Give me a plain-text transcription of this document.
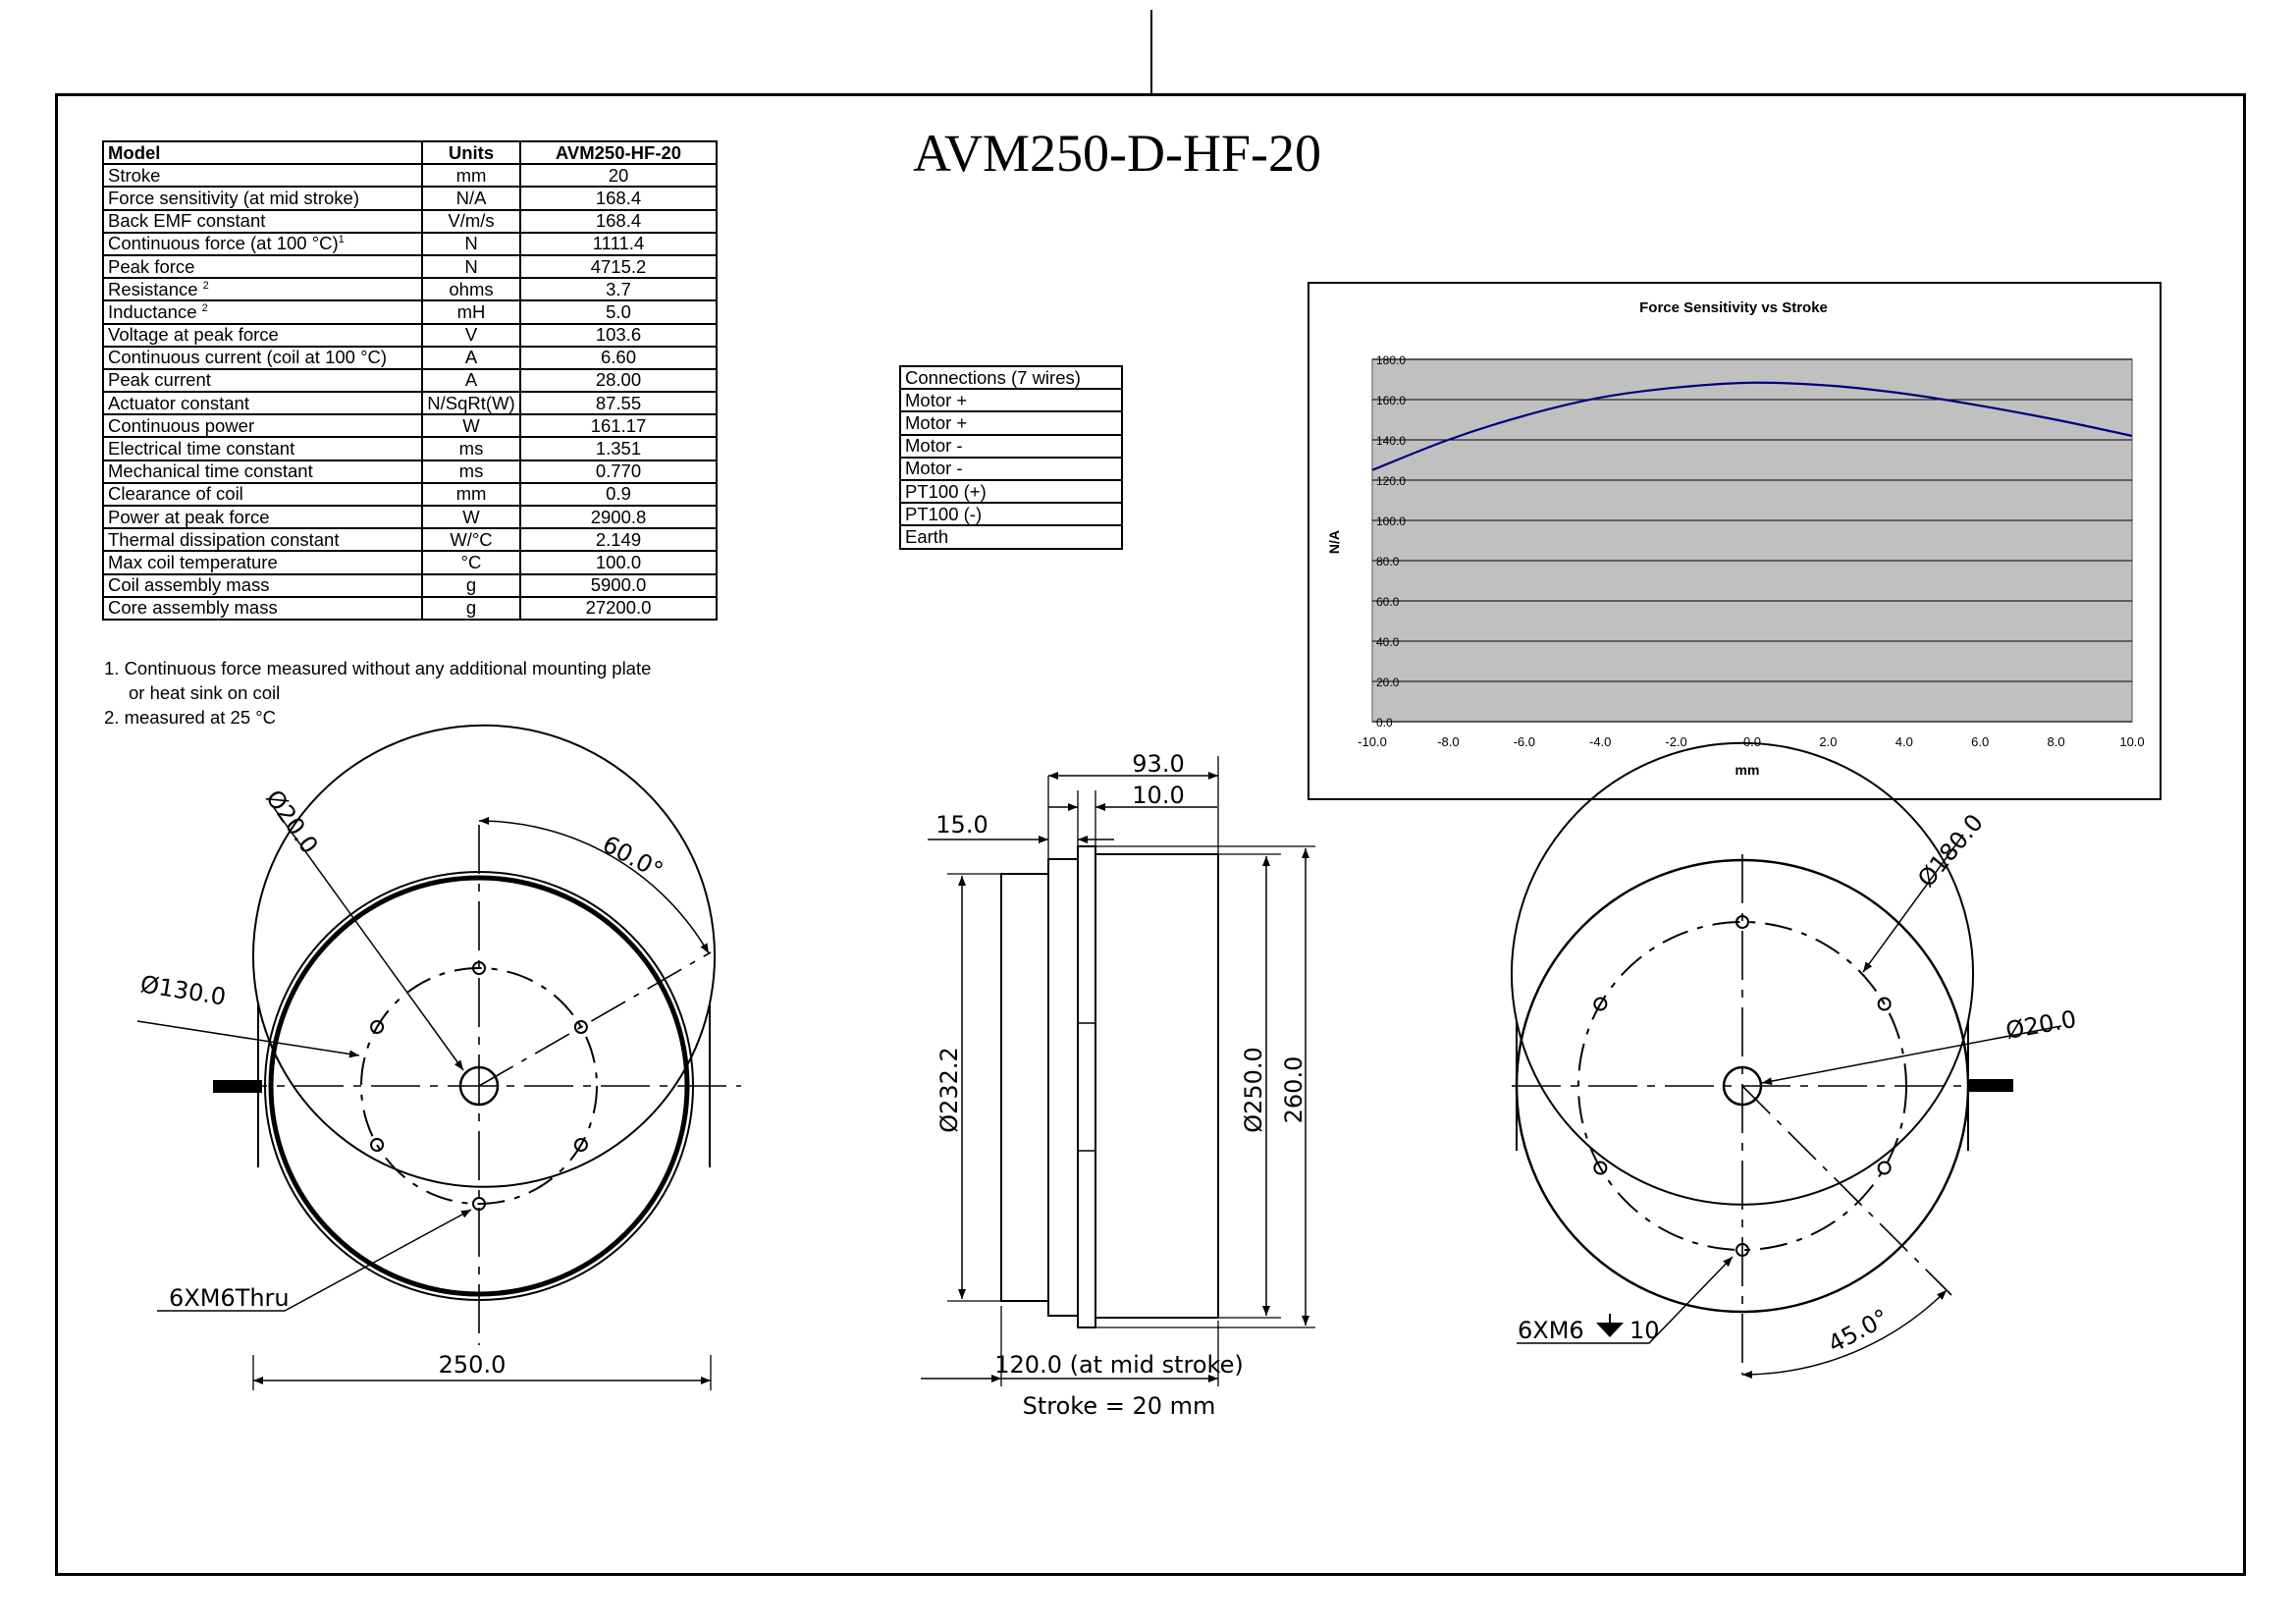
AVM250-D-HF-20
Model	Units	AVM250-HF-20
Stroke	mm	20
Force sensitivity (at mid stroke)	N/A	168.4
Back EMF constant	V/m/s	168.4
Continuous force (at 100 °C)$^1$	N	1111.4
Peak force	N	4715.2
Resistance $^2$	ohms	3.7
Inductance $^2$	mH	5.0
Voltage at peak force	V	103.6
Continuous current (coil at 100 °C)	A	6.60
Peak current	A	28.00
Actuator constant	N/SqRt(W)	87.55
Continuous power	W	161.17
Electrical time constant	ms	1.351
Mechanical time constant	ms	0.770
Clearance of coil	mm	0.9
Power at peak force	W	2900.8
Thermal dissipation constant	W/°C	2.149
Max coil temperature	°C	100.0
Coil assembly mass	g	5900.0
Core assembly mass	g	27200.0
1. Continuous force measured without any additional mounting plate
or heat sink on coil
2. measured at 25 °C
Connections (7 wires)
Motor +
Motor +
Motor -
Motor -
PT100 (+)
PT100 (-)
Earth
Force Sensitivity vs Stroke
0.0
20.0
40.0
60.0
80.0
100.0
120.0
140.0
160.0
180.0
-10.0	-8.0	-6.0	-4.0	-2.0	0.0	2.0	4.0	6.0	8.0	10.0
N/A
mm
Ø20.0	60.0°
Ø130.0
6XM6Thru
250.0
93.0
10.0
15.0
Ø232.2	Ø250.0 260.0
120.0 (at mid stroke)
Stroke = 20 mm
Ø180.0
Ø20.0
6XM6 10	45.0°
